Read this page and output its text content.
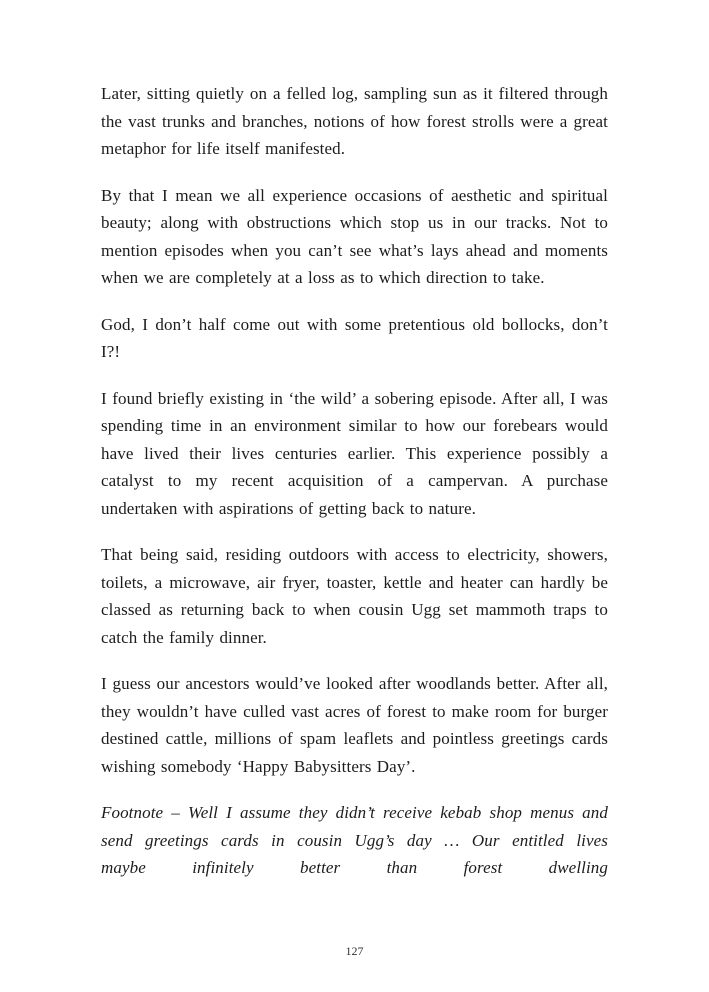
Later, sitting quietly on a felled log, sampling sun as it filtered through the vast trunks and branches, notions of how forest strolls were a great metaphor for life itself manifested.

By that I mean we all experience occasions of aesthetic and spiritual beauty; along with obstructions which stop us in our tracks. Not to mention episodes when you can’t see what’s lays ahead and moments when we are completely at a loss as to which direction to take.

God, I don’t half come out with some pretentious old bollocks, don’t I?!

I found briefly existing in ‘the wild’ a sobering episode. After all, I was spending time in an environment similar to how our forebears would have lived their lives centuries earlier. This experience possibly a catalyst to my recent acquisition of a campervan. A purchase undertaken with aspirations of getting back to nature.

That being said, residing outdoors with access to electricity, showers, toilets, a microwave, air fryer, toaster, kettle and heater can hardly be classed as returning back to when cousin Ugg set mammoth traps to catch the family dinner.

I guess our ancestors would’ve looked after woodlands better. After all, they wouldn’t have culled vast acres of forest to make room for burger destined cattle, millions of spam leaflets and pointless greetings cards wishing somebody ‘Happy Babysitters Day’.

Footnote – Well I assume they didn’t receive kebab shop menus and send greetings cards in cousin Ugg’s day … Our entitled lives maybe infinitely better than forest dwelling

127
